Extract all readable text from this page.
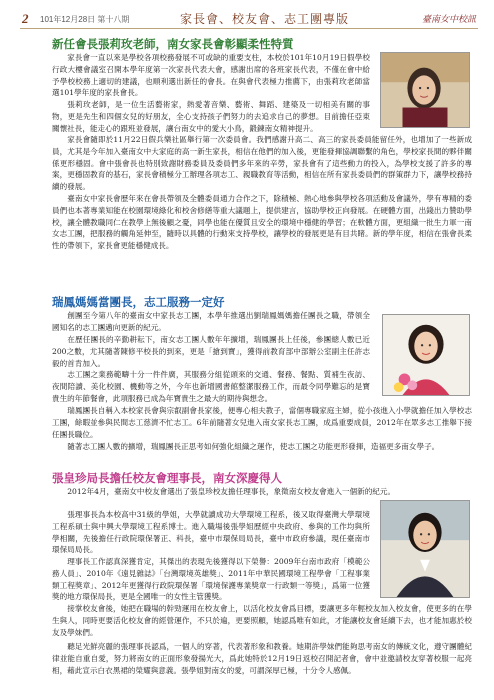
2 101年12月28日 第十八期	家長會、校友會、志工團專版	臺南女中校訊
新任會長張莉玫老師，南女家長會彰顯柔性特質
家長會一直以來是學校各項校務發展不可或缺的重要支柱，本校於101年10月19日假學校行政大樓會議室召開本學年度第一次家長代表大會，感謝出席的各班家長代表，不僅在會中給予學校校務上適切的建議，也順利選出新任的會長。在與會代表極力推薦下，由張莉玫老師當選101學年度的家長會長。
張莉玫老師，是一位生活藝術家，熱愛著音樂、藝術、舞蹈、建築及一切相美有關的事物，更是先生和四個女兒的好朋友，全心支持孩子們努力的去追求自己的夢想。目前擔任亞東關懷社長，能走心的跟班並發展，讓台南女中的愛大小鳥，鍛鍊南女精神提升。
家長會隨即於11月22日假兵樂社區舉行第一次委員會。我們感謝升高二、高三的家長委員能留任外，也增加了一些新成員，尤其是今年加入臺南女中大家庭的高一新生家長，相信在他們的加入後，更能發揮協調聯繫的角色，學校家長間的夥伴關係更形穩固。會中張會長也特別致謝財務委員及委員們多年來的辛勞，家長會有了這些動力的投入，為學校支援了許多的專案，更穩固教育的基石，家長會積極分工辦理各項志工、親職教育等活動，相信在所有家長委員們的群策群力下，讓學校務持續的發展。
臺南女中家長會歷年來在會長帶領及全體委員通力合作之下，除積極、熱心地參與學校各項活動及會議外，學有專精的委員們也本著專業知能在校園環境綠化和校舍修繕等重大議題上，提供建言，協助學校正向發展。在硬體方面，出錢出力贊助學校，讓全體教職同仁在教學上無後顧之憂，同學也能在優質且安全的環境中穩健的學習；在軟體方面，更組織一批生力軍一南女志工團，把服務的觸角延伸至，隨時以具體的行動來支持學校，讓學校的發展更是有目共睹。新的學年度，相信在張會長柔性的帶領下，家長會更能穩健成長。
瑞鳳媽媽當團長，志工服務一定好
創團至今第八年的臺南女中家長志工團，本學年推選出劉瑞鳳媽媽擔任團長之職，帶領全國知名的志工團邁向更新的紀元。
在歷任團長的辛勤耕耘下，南女志工團人數年年擴增，瑞鳳團長上任後，參團總人數已近200之數，尤其隨著陳修平校長的到來，更是「搶到寶」，獲得前教育部中部辦公室副主任許志毅的首肯加入。
志工團之業務範疇十分一件件廣，其服務分組從頭來的交通、餐務、餐點、質補生夜訪、夜間陪讀、美化校園、機動等之外，今年也新增國書館整潔服務工作，而最令同學難忘的是寶貴生的年節餐會，此項服務已成為年寶貴生之最大的期待與想念。
瑞鳳團長自稱入本校家長會與宗叡副會長家後，便專心相夫教子，當個專職家庭主婦，從小孩進入小學就擔任加入學校志工團，餘暇並參與民間志工慈濟不忙志工。6年前隨著女兒進入南女家長志工團，成爲重要成員，2012年在眾多志工推舉下接任團長職位。
隨著志工團人數的擴增，瑞鳳團長正思考如何強化組織之運作，使志工團之功能更形發揮，造福更多南女學子。
張皇珍局長擔任校友會理事長，南女深慶得人
2012年4月，臺南女中校友會選出了張皇珍校友擔任理事長，象徵南女校友會進入一個新的紀元。
張理事長為本校高中31級的學姐，大學就讀成功大學環境工程系，後又取得臺灣大學環境工程系碩士與中興大學環境工程系博士。進入職場後張學姐歷經中央政府、參與的工作均與所學相關，先後擔任行政院環保署正、科長，臺中市環保局局長，臺中市政府參議，現任臺南市環保局局長。
理事長工作認真深獲肯定，其傑出的表現先後獲得以下榮譽：2009年台南市政府「模範公務人員」、2010年《遠見雜誌》「台灣環境英雄獎」、2011年中華民國環境工程學會「工程事業類工程獎章」、2012年更獲得行政院環保署「環境保護專業獎章一行政類一等獎」，爲第一位獲獎的地方環保局長，更是全國唯一的女性主管獲獎。
接掌校友會後，她把在職場的幹勁運用在校友會上，以活化校友會爲目標，要讓更多年輕校友加入校友會，使更多的在學生與人，同時更要活化校友會的經營運作，不只於遍，更要照顧，她認爲唯有如此，才能讓校友會延續下去，也才能加惠於校友及學妹們。
聽足光鮮亮麗的張理事長認爲，一個人的穿著，代表著形象和教養。她期許學妹們能夠思考南女的傳統文化，遵守團體紀律並能自重自愛，努力將南女的正面形象發揚光大，爲此她特於12月19日返校召開記者會，會中並邀請校友穿著校服一起亮相，藉此宣示白衣黑裙的榮耀與意義。張學姐對南女的愛，可謂深厚已極，十分令人感佩。
